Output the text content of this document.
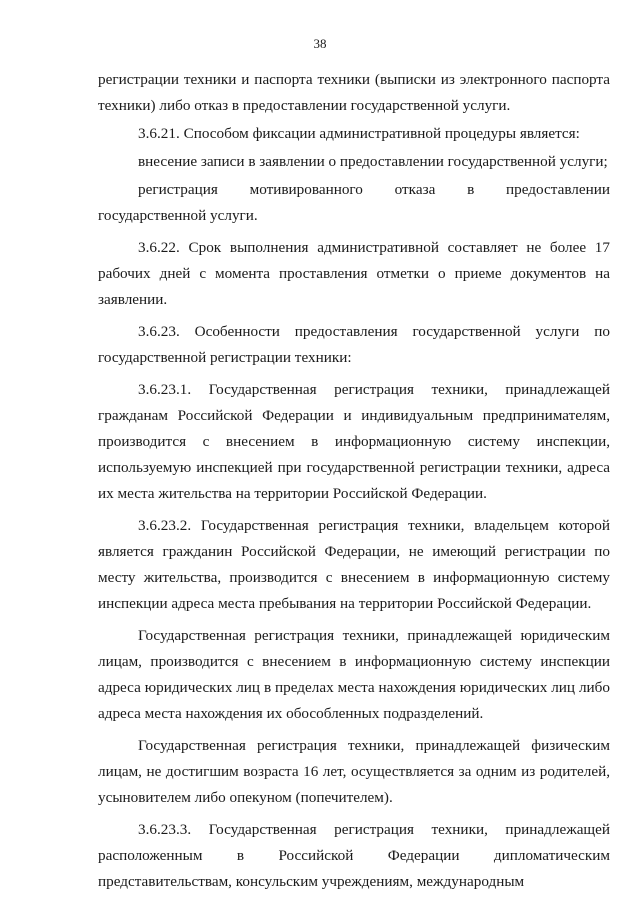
38

регистрации техники и паспорта техники (выписки из электронного паспорта техники) либо отказ в предоставлении государственной услуги.

3.6.21. Способом фиксации административной процедуры является:

внесение записи в заявлении о предоставлении государственной услуги;

регистрация мотивированного отказа в предоставлении государственной услуги.

3.6.22. Срок выполнения административной составляет не более 17 рабочих дней с момента проставления отметки о приеме документов на заявлении.

3.6.23. Особенности предоставления государственной услуги по государственной регистрации техники:

3.6.23.1. Государственная регистрация техники, принадлежащей гражданам Российской Федерации и индивидуальным предпринимателям, производится с внесением в информационную систему инспекции, используемую инспекцией при государственной регистрации техники, адреса их места жительства на территории Российской Федерации.

3.6.23.2. Государственная регистрация техники, владельцем которой является гражданин Российской Федерации, не имеющий регистрации по месту жительства, производится с внесением в информационную систему инспекции адреса места пребывания на территории Российской Федерации.

Государственная регистрация техники, принадлежащей юридическим лицам, производится с внесением в информационную систему инспекции адреса юридических лиц в пределах места нахождения юридических лиц либо адреса места нахождения их обособленных подразделений.

Государственная регистрация техники, принадлежащей физическим лицам, не достигшим возраста 16 лет, осуществляется за одним из родителей, усыновителем либо опекуном (попечителем).

3.6.23.3. Государственная регистрация техники, принадлежащей расположенным в Российской Федерации дипломатическим представительствам, консульским учреждениям, международным
